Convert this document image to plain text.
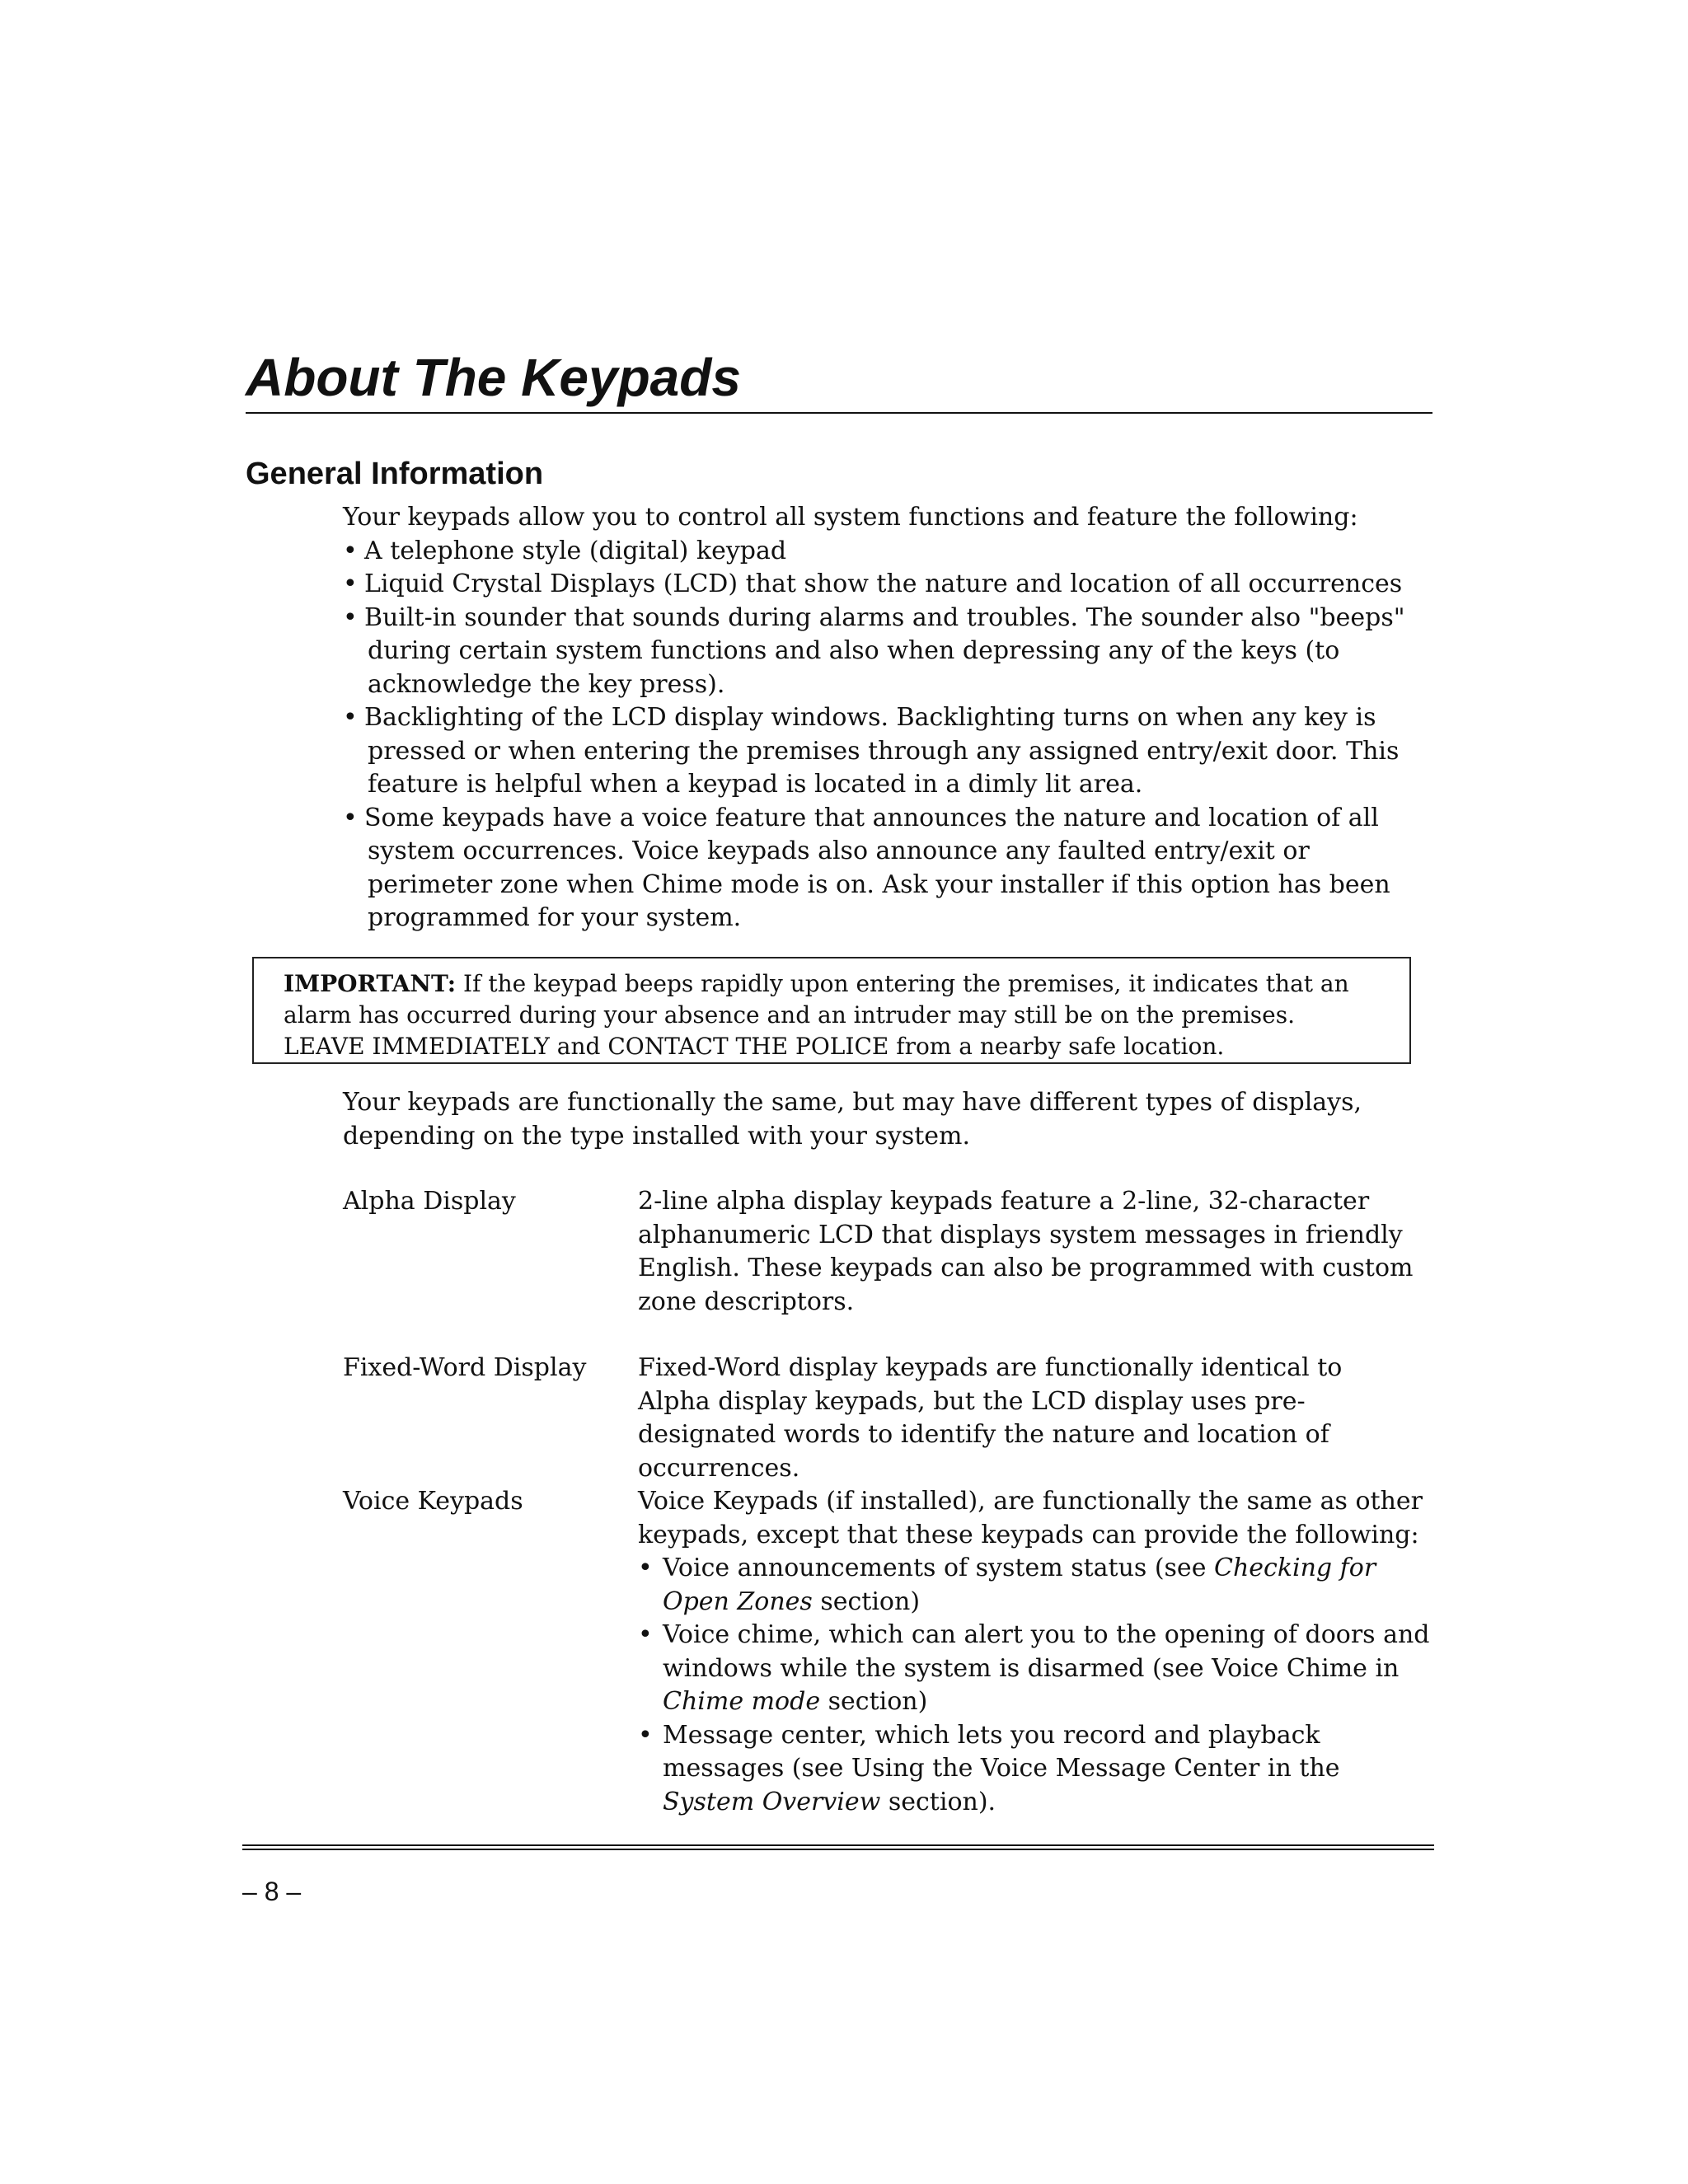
About The Keypads
General Information

Your keypads allow you to control all system functions and feature the following:

• A telephone style (digital) keypad
• Liquid Crystal Displays (LCD) that show the nature and location of all occurrences
• Built-in sounder that sounds during alarms and troubles. The sounder also "beeps"
during certain system functions and also when depressing any of the keys (to
acknowledge the key press).
• Backlighting of the LCD display windows. Backlighting turns on when any key is
pressed or when entering the premises through any assigned entry/exit door. This
feature is helpful when a keypad is located in a dimly lit area.
• Some keypads have a voice feature that announces the nature and location of all
system occurrences. Voice keypads also announce any faulted entry/exit or
perimeter zone when Chime mode is on. Ask your installer if this option has been
programmed for your system.
IMPORTANT: If the keypad beeps rapidly upon entering the premises, it indicates that an
alarm has occurred during your absence and an intruder may still be on the premises.
LEAVE IMMEDIATELY and CONTACT THE POLICE from a nearby safe location.
Your keypads are functionally the same, but may have different types of displays,
depending on the type installed with your system.
Alpha Display	2-line alpha display keypads feature a 2-line, 32-character
alphanumeric LCD that displays system messages in friendly
English. These keypads can also be programmed with custom
zone descriptors.
Fixed-Word Display Fixed-Word display keypads are functionally identical to
Alpha display keypads, but the LCD display uses pre-
designated words to identify the nature and location of
occurrences.
Voice Keypads	Voice Keypads (if installed), are functionally the same as other
keypads, except that these keypads can provide the following:
• Voice announcements of system status (see Checking for
Open Zones section)
• Voice chime, which can alert you to the opening of doors and
windows while the system is disarmed (see Voice Chime in
Chime mode section)
• Message center, which lets you record and playback
messages (see Using the Voice Message Center in the
System Overview section).
– 8 –
